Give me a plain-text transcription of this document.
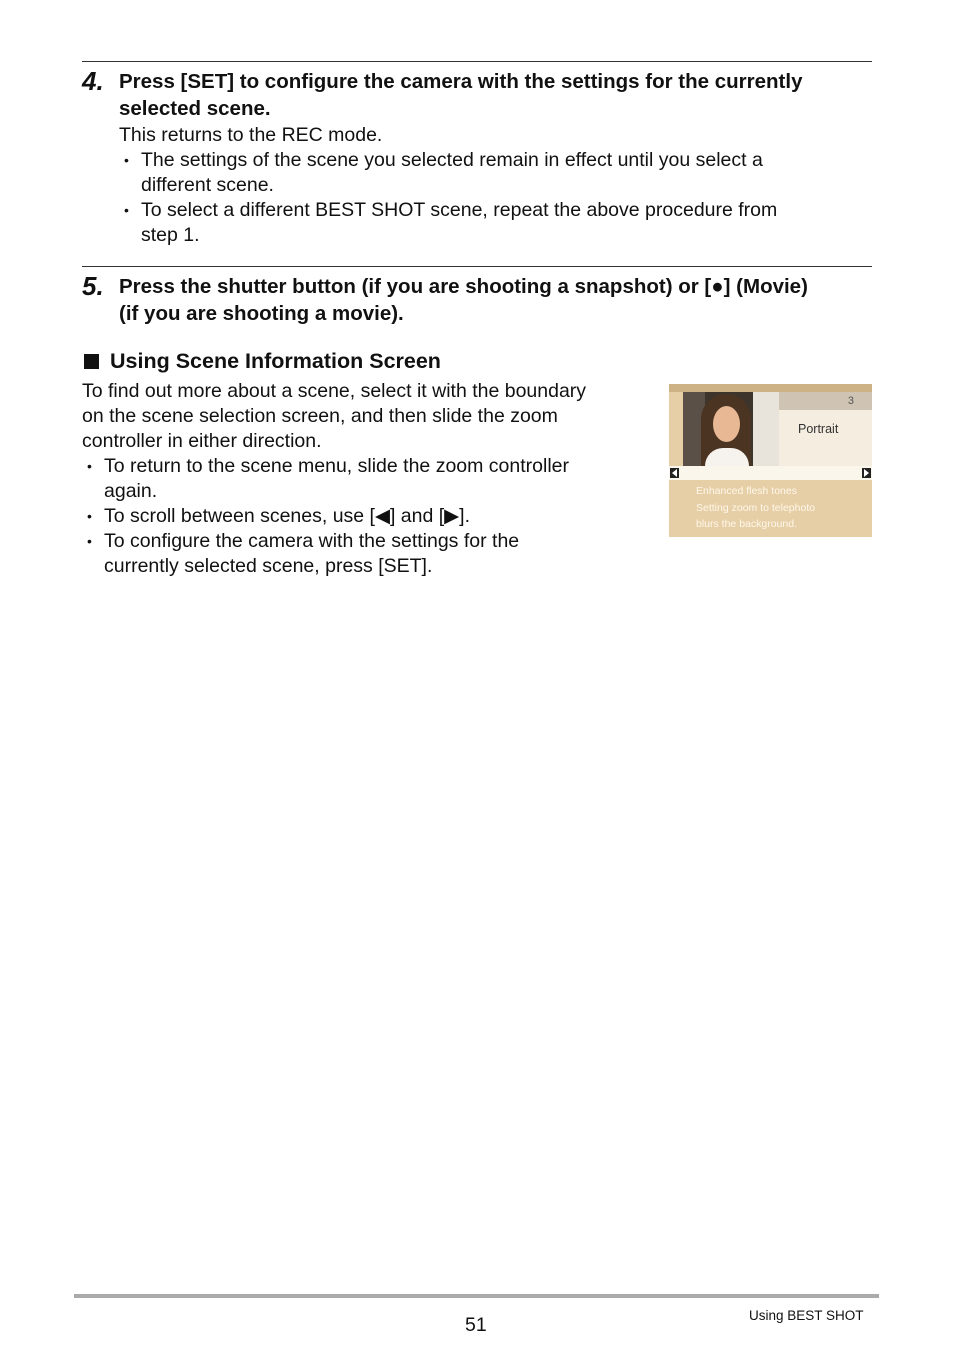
4. Press [SET] to configure the camera with the settings for the currently
selected scene.
This returns to the REC mode.
• The settings of the scene you selected remain in effect until you select a
different scene.
• To select a different BEST SHOT scene, repeat the above procedure from
step 1.
5. Press the shutter button (if you are shooting a snapshot) or [●] (Movie)
(if you are shooting a movie).
Using Scene Information Screen
To find out more about a scene, select it with the boundary
on the scene selection screen, and then slide the zoom
controller in either direction.
• To return to the scene menu, slide the zoom controller
again.
• To scroll between scenes, use [◀] and [▶].
• To configure the camera with the settings for the
currently selected scene, press [SET].
3
Portrait
Enhanced flesh tones
Setting zoom to telephoto
blurs the background.
51	Using BEST SHOT
